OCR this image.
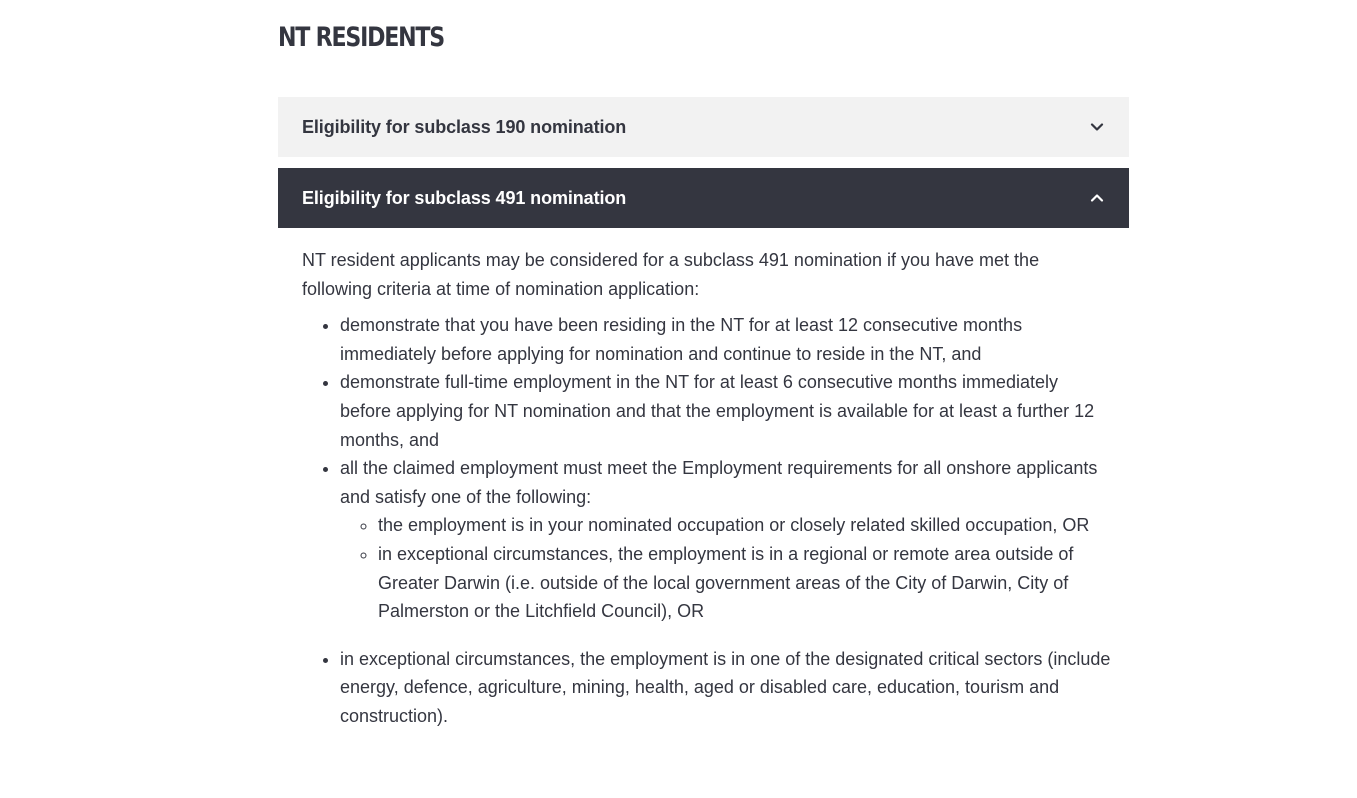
NT RESIDENTS
Eligibility for subclass 190 nomination
Eligibility for subclass 491 nomination

NT resident applicants may be considered for a subclass 491 nomination if you have met the following criteria at time of nomination application:

• demonstrate that you have been residing in the NT for at least 12 consecutive months immediately before applying for nomination and continue to reside in the NT, and
• demonstrate full-time employment in the NT for at least 6 consecutive months immediately before applying for NT nomination and that the employment is available for at least a further 12 months, and
• all the claimed employment must meet the Employment requirements for all onshore applicants and satisfy one of the following:
◦ the employment is in your nominated occupation or closely related skilled occupation, OR
◦ in exceptional circumstances, the employment is in a regional or remote area outside of Greater Darwin (i.e. outside of the local government areas of the City of Darwin, City of Palmerston or the Litchfield Council), OR
• in exceptional circumstances, the employment is in one of the designated critical sectors (include energy, defence, agriculture, mining, health, aged or disabled care, education, tourism and construction).
